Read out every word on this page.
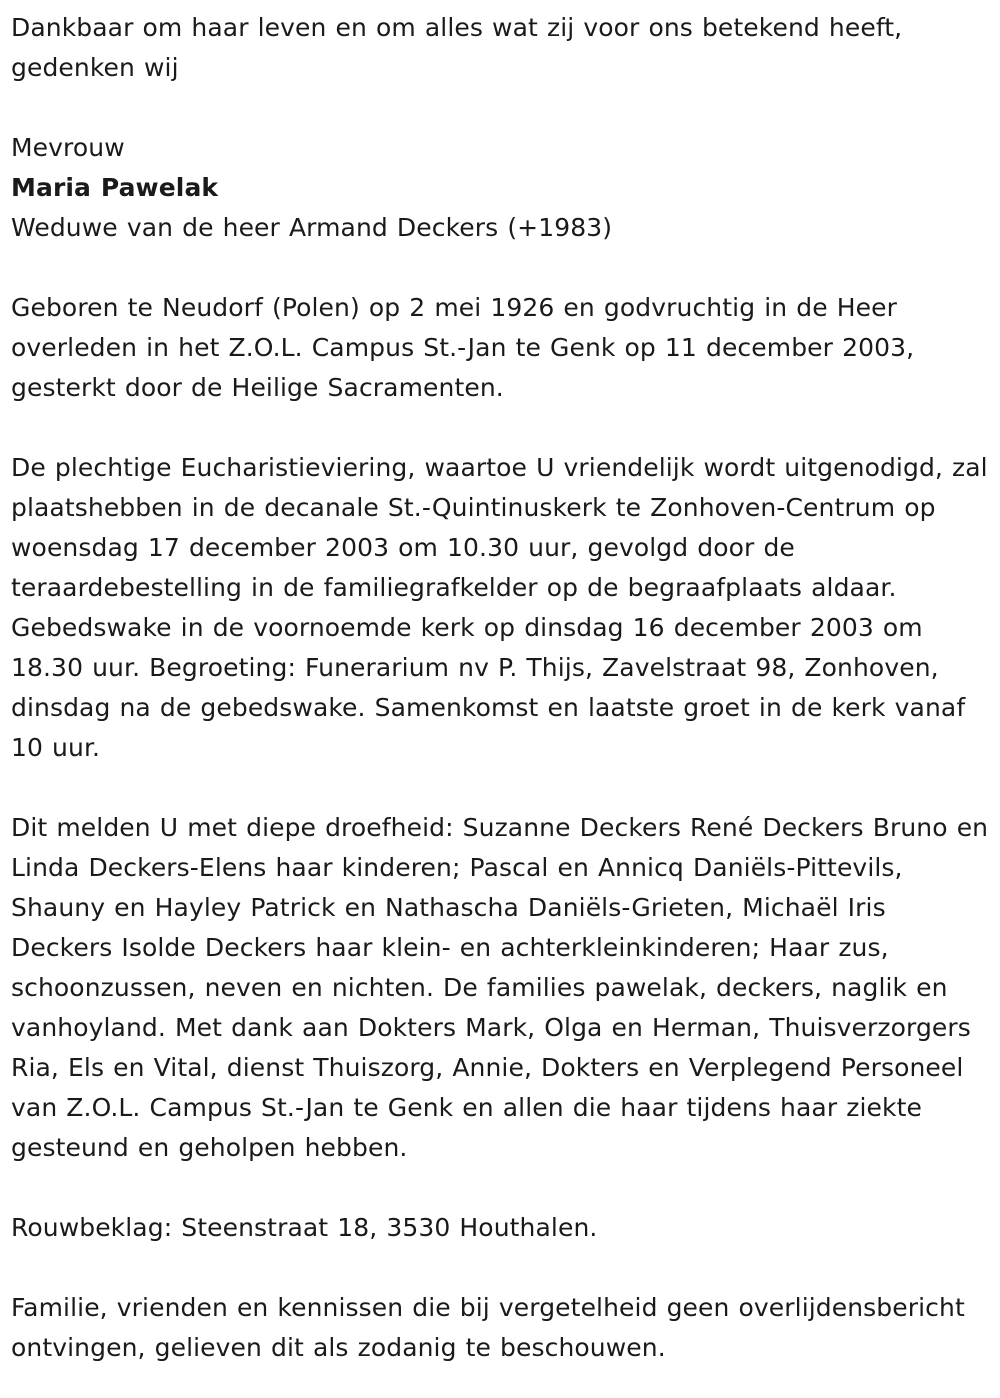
Dankbaar om haar leven en om alles wat zij voor ons betekend heeft, gedenken wij

Mevrouw

Maria Pawelak

Weduwe van de heer Armand Deckers (+1983)

Geboren te Neudorf (Polen) op 2 mei 1926 en godvruchtig in de Heer overleden in het Z.O.L. Campus St.-Jan te Genk op 11 december 2003, gesterkt door de Heilige Sacramenten.

De plechtige Eucharistieviering, waartoe U vriendelijk wordt uitgenodigd, zal plaatshebben in de decanale St.-Quintinuskerk te Zonhoven-Centrum op woensdag 17 december 2003 om 10.30 uur, gevolgd door de teraardebestelling in de familiegrafkelder op de begraafplaats aldaar. Gebedswake in de voornoemde kerk op dinsdag 16 december 2003 om 18.30 uur. Begroeting: Funerarium nv P. Thijs, Zavelstraat 98, Zonhoven, dinsdag na de gebedswake. Samenkomst en laatste groet in de kerk vanaf 10 uur.

Dit melden U met diepe droefheid: Suzanne Deckers René Deckers Bruno en Linda Deckers-Elens haar kinderen; Pascal en Annicq Daniëls-Pittevils, Shauny en Hayley Patrick en Nathascha Daniëls-Grieten, Michaël Iris Deckers Isolde Deckers haar klein- en achterkleinkinderen; Haar zus, schoonzussen, neven en nichten. De families pawelak, deckers, naglik en vanhoyland. Met dank aan Dokters Mark, Olga en Herman, Thuisverzorgers Ria, Els en Vital, dienst Thuiszorg, Annie, Dokters en Verplegend Personeel van Z.O.L. Campus St.-Jan te Genk en allen die haar tijdens haar ziekte gesteund en geholpen hebben.

Rouwbeklag: Steenstraat 18, 3530 Houthalen.

Familie, vrienden en kennissen die bij vergetelheid geen overlijdensbericht ontvingen, gelieven dit als zodanig te beschouwen.
